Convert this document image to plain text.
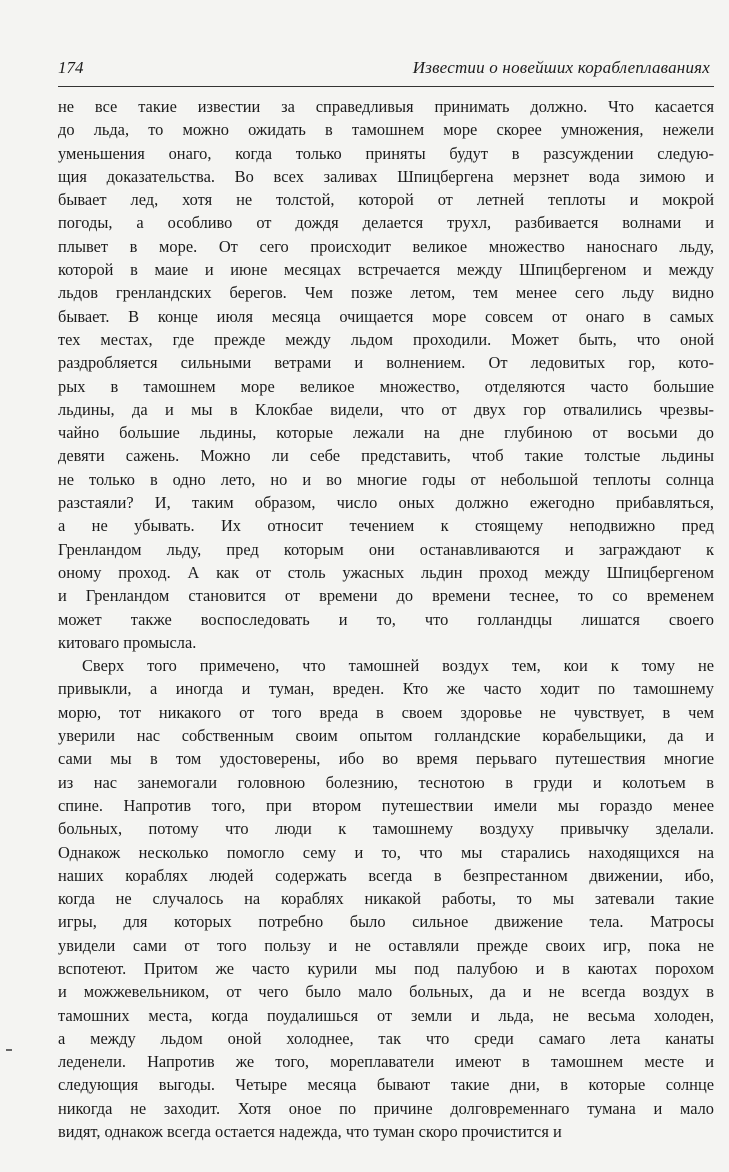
174	Известии о новейших кораблеплаваниях
не все такие известии за справедливыя принимать должно. Что касается
до льда, то можно ожидать в тамошнем море скорее умножения, нежели
уменьшения онаго, когда только приняты будут в разсуждении следую-
щия доказательства. Во всех заливах Шпицбергена мерзнет вода зимою и
бывает лед, хотя не толстой, которой от летней теплоты и мокрой
погоды, а особливо от дождя делается трухл, разбивается волнами и
плывет в море. От сего происходит великое множество наноснаго льду,
которой в маие и июне месяцах встречается между Шпицбергеном и между
льдов гренландских берегов. Чем позже летом, тем менее сего льду видно
бывает. В конце июля месяца очищается море совсем от онаго в самых
тех местах, где прежде между льдом проходили. Может быть, что оной
раздробляется сильными ветрами и волнением. От ледовитых гор, кото-
рых в тамошнем море великое множество, отделяются часто большие
льдины, да и мы в Клокбае видели, что от двух гор отвалились чрезвы-
чайно большие льдины, которые лежали на дне глубиною от восьми до
девяти сажень. Можно ли себе представить, чтоб такие толстые льдины
не только в одно лето, но и во многие годы от небольшой теплоты солнца
разстаяли? И, таким образом, число оных должно ежегодно прибавляться,
а не убывать. Их относит течением к стоящему неподвижно пред
Гренландом льду, пред которым они останавливаются и заграждают к
оному проход. А как от столь ужасных льдин проход между Шпицбергеном
и Гренландом становится от времени до времени теснее, то со временем
может также воспоследовать и то, что голландцы лишатся своего
китоваго промысла.
Сверх того примечено, что тамошней воздух тем, кои к тому не
привыкли, а иногда и туман, вреден. Кто же часто ходит по тамошнему
морю, тот никакого от того вреда в своем здоровье не чувствует, в чем
уверили нас собственным своим опытом голландские корабельщики, да и
сами мы в том удостоверены, ибо во время перьваго путешествия многие
из нас занемогали головною болезнию, теснотою в груди и колотьем в
спине. Напротив того, при втором путешествии имели мы гораздо менее
больных, потому что люди к тамошнему воздуху привычку зделали.
Однакож несколько помогло сему и то, что мы старались находящихся на
наших кораблях людей содержать всегда в безпрестанном движении, ибо,
когда не случалось на кораблях никакой работы, то мы затевали такие
игры, для которых потребно было сильное движение тела. Матросы
увидели сами от того пользу и не оставляли прежде своих игр, пока не
вспотеют. Притом же часто курили мы под палубою и в каютах порохом
и можжевельником, от чего было мало больных, да и не всегда воздух в
тамошних места, когда поудалишься от земли и льда, не весьма холоден,
а между льдом оной холоднее, так что среди самаго лета канаты
леденели. Напротив же того, мореплаватели имеют в тамошнем месте и
следующия выгоды. Четыре месяца бывают такие дни, в которые солнце
никогда не заходит. Хотя оное по причине долговременнаго тумана и мало
видят, однакож всегда остается надежда, что туман скоро прочистится и
